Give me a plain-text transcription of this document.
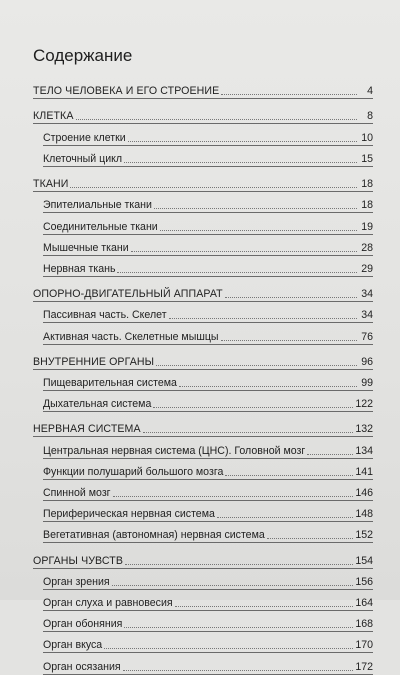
Содержание
ТЕЛО ЧЕЛОВЕКА И ЕГО СТРОЕНИЕ	4
КЛЕТКА	8
Строение клетки	10
Клеточный цикл	15
ТКАНИ	18
Эпителиальные ткани	18
Соединительные ткани	19
Мышечные ткани	28
Нервная ткань	29
ОПОРНО-ДВИГАТЕЛЬНЫЙ АППАРАТ	34
Пассивная часть. Скелет	34
Активная часть. Скелетные мышцы	76
ВНУТРЕННИЕ ОРГАНЫ	96
Пищеварительная система	99
Дыхательная система	122
НЕРВНАЯ СИСТЕМА	132
Центральная нервная система (ЦНС). Головной мозг	134
Функции полушарий большого мозга	141
Спинной мозг	146
Периферическая нервная система	148
Вегетативная (автономная) нервная система	152
ОРГАНЫ ЧУВСТВ	154
Орган зрения	156
Орган слуха и равновесия	164
Орган обоняния	168
Орган вкуса	170
Орган осязания	172
